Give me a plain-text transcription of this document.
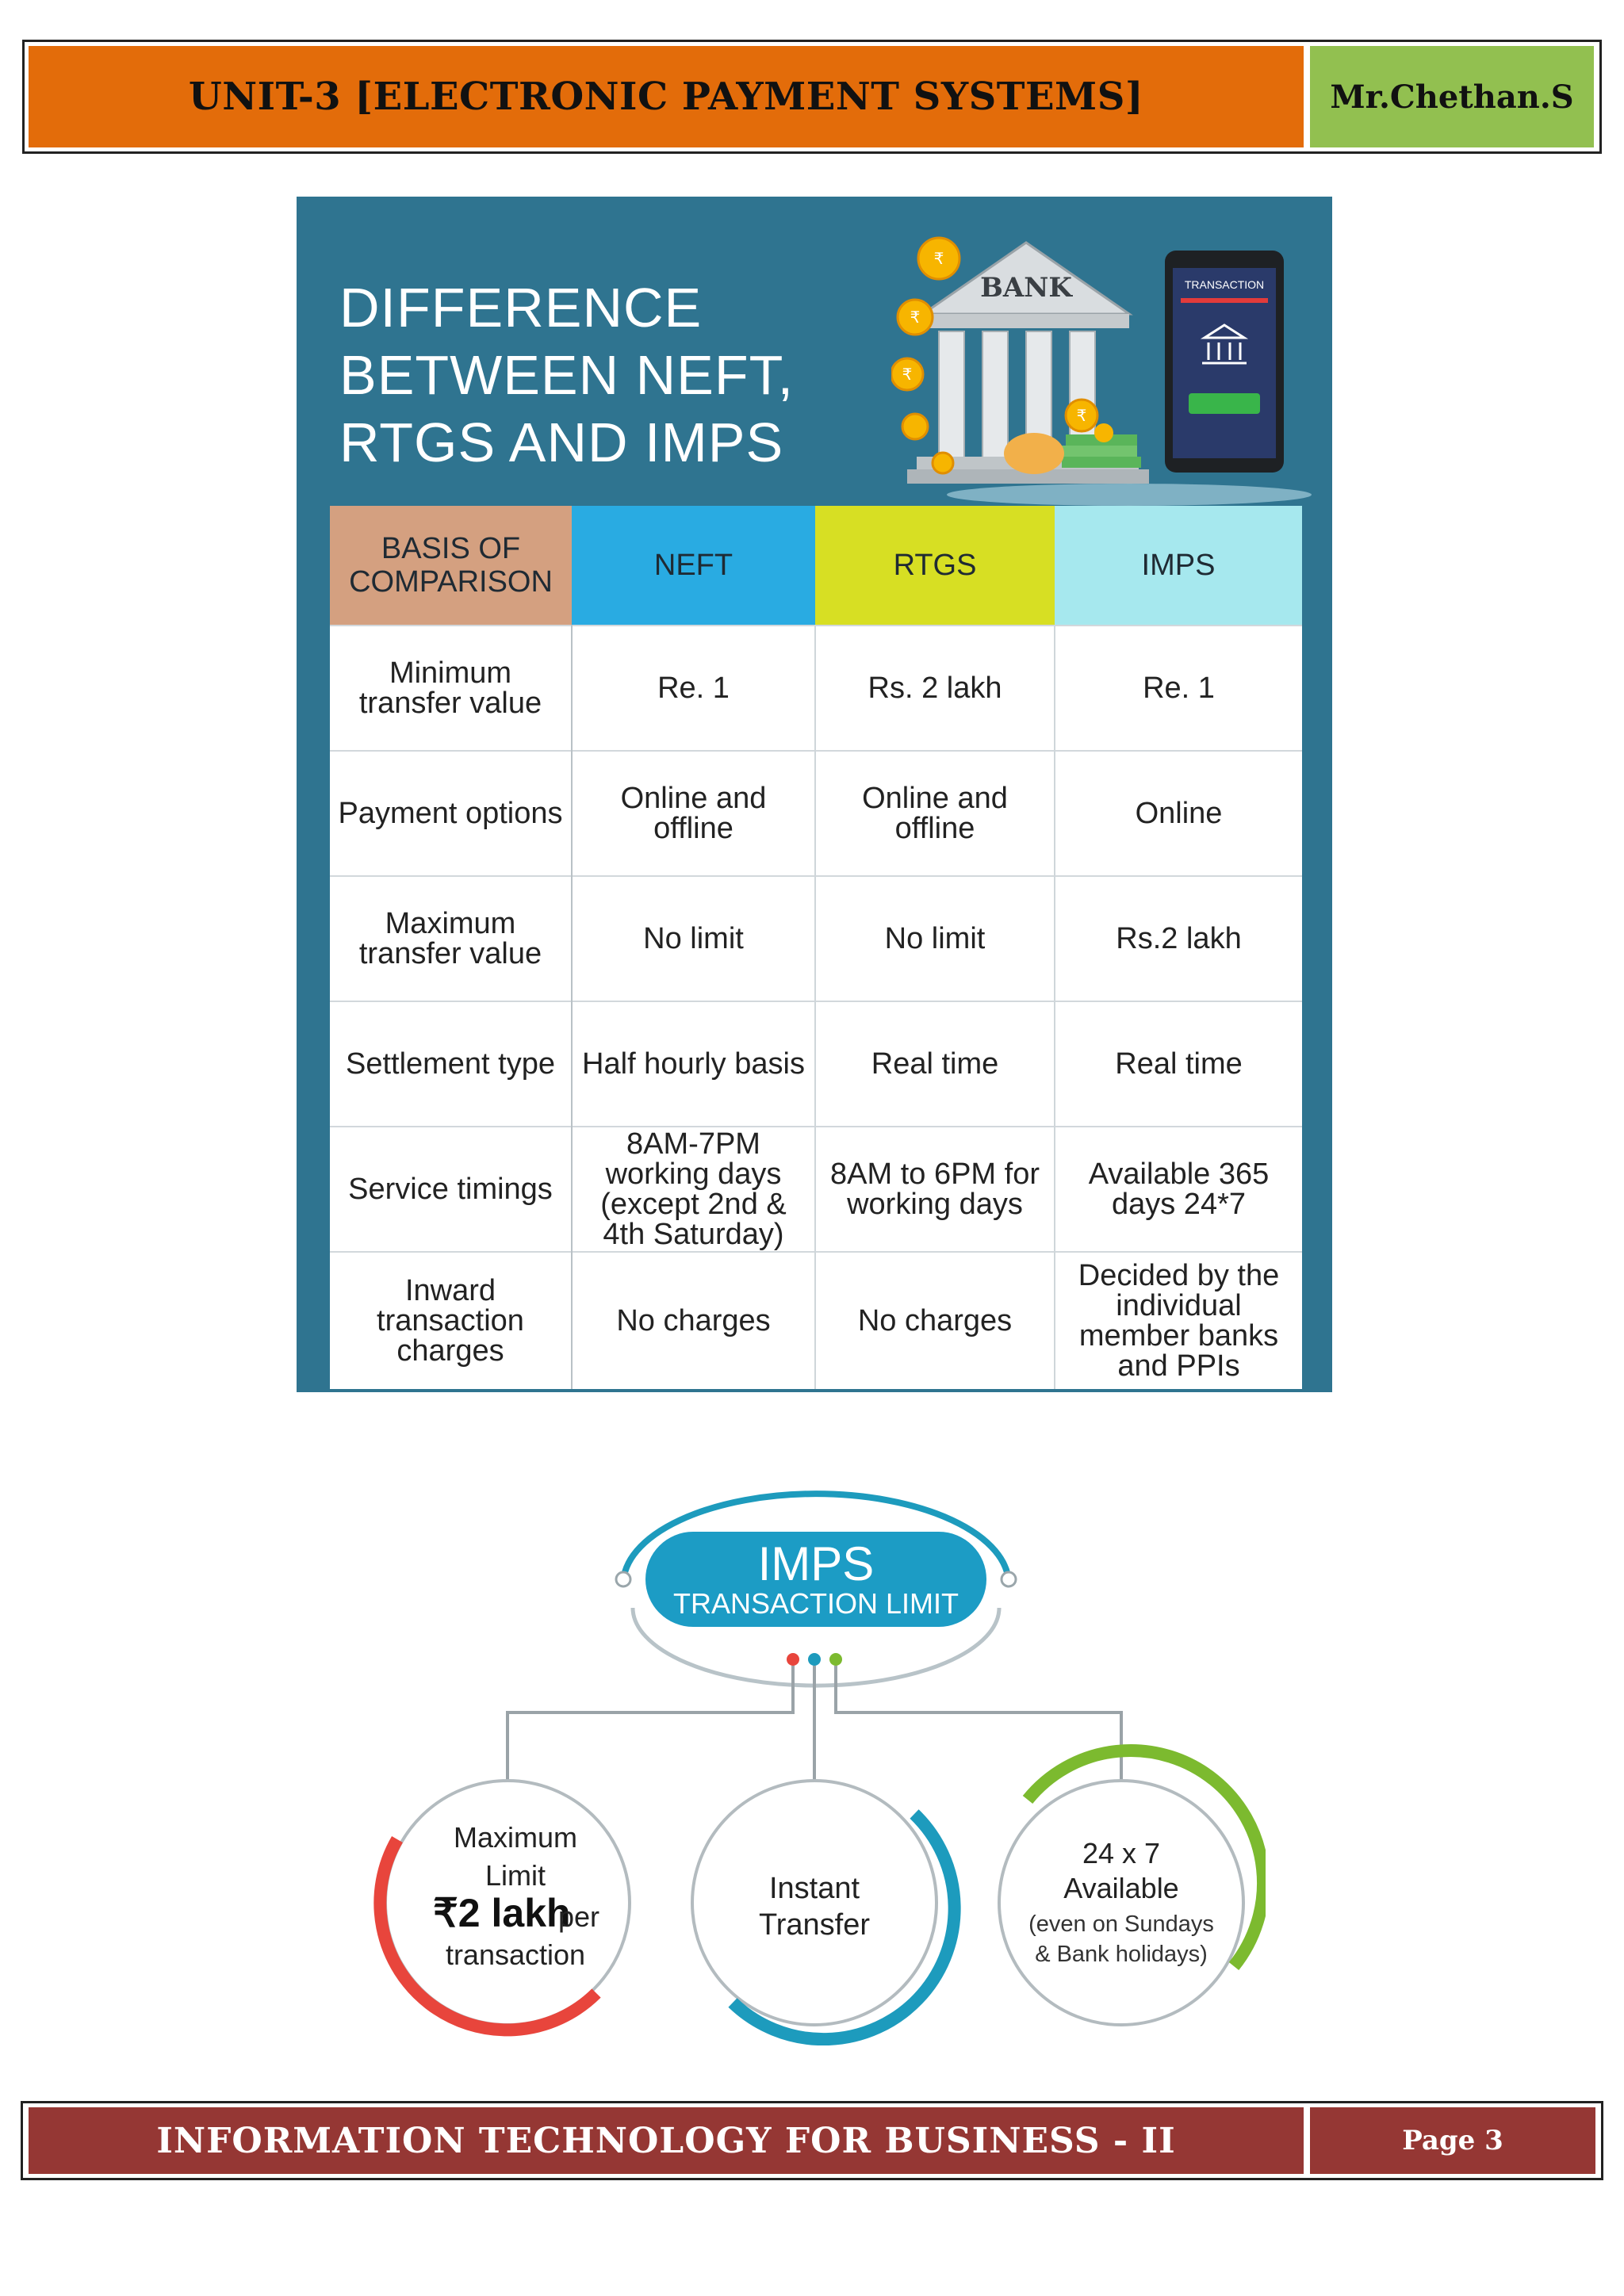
UNIT-3 [ELECTRONIC PAYMENT SYSTEMS]	Mr.Chethan.S
DIFFERENCE
BETWEEN NEFT,
RTGS AND IMPS
BANK	TRANSACTION
₹
₹
₹
₹
BASIS OF COMPARISON	NEFT	RTGS	IMPS
Minimum transfer value	Re. 1	Rs. 2 lakh	Re. 1
Payment options	Online and offline	Online and offline	Online
Maximum transfer value	No limit	No limit	Rs.2 lakh
Settlement type	Half hourly basis	Real time	Real time
Service timings	8AM-7PM working days (except 2nd & 4th Saturday)	8AM to 6PM for working days	Available 365 days 24*7
Inward transaction charges	No charges	No charges	Decided by the individual member banks and PPIs
IMPS
TRANSACTION LIMIT
Maximum
Limit
₹2 lakh
per
transaction
Instant
Transfer
24 x 7
Available
(even on Sundays
& Bank holidays)
INFORMATION TECHNOLOGY FOR BUSINESS - II	Page 3
